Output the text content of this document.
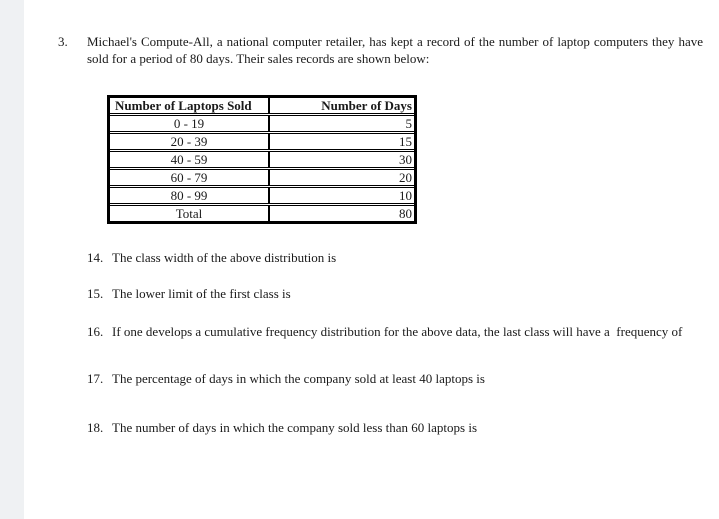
3.	Michael's Compute-All, a national computer retailer, has kept a record of the number of laptop computers they have sold for a period of 80 days. Their sales records are shown below:
Number of Laptops Sold	Number of Days
0 - 19	5
20 - 39	15
40 - 59	30
60 - 79	20
80 - 99	10
Total	80
14. The class width of the above distribution is
15. The lower limit of the first class is
16. If one develops a cumulative frequency distribution for the above data, the last class will have a  frequency of
17. The percentage of days in which the company sold at least 40 laptops is
18. The number of days in which the company sold less than 60 laptops is
